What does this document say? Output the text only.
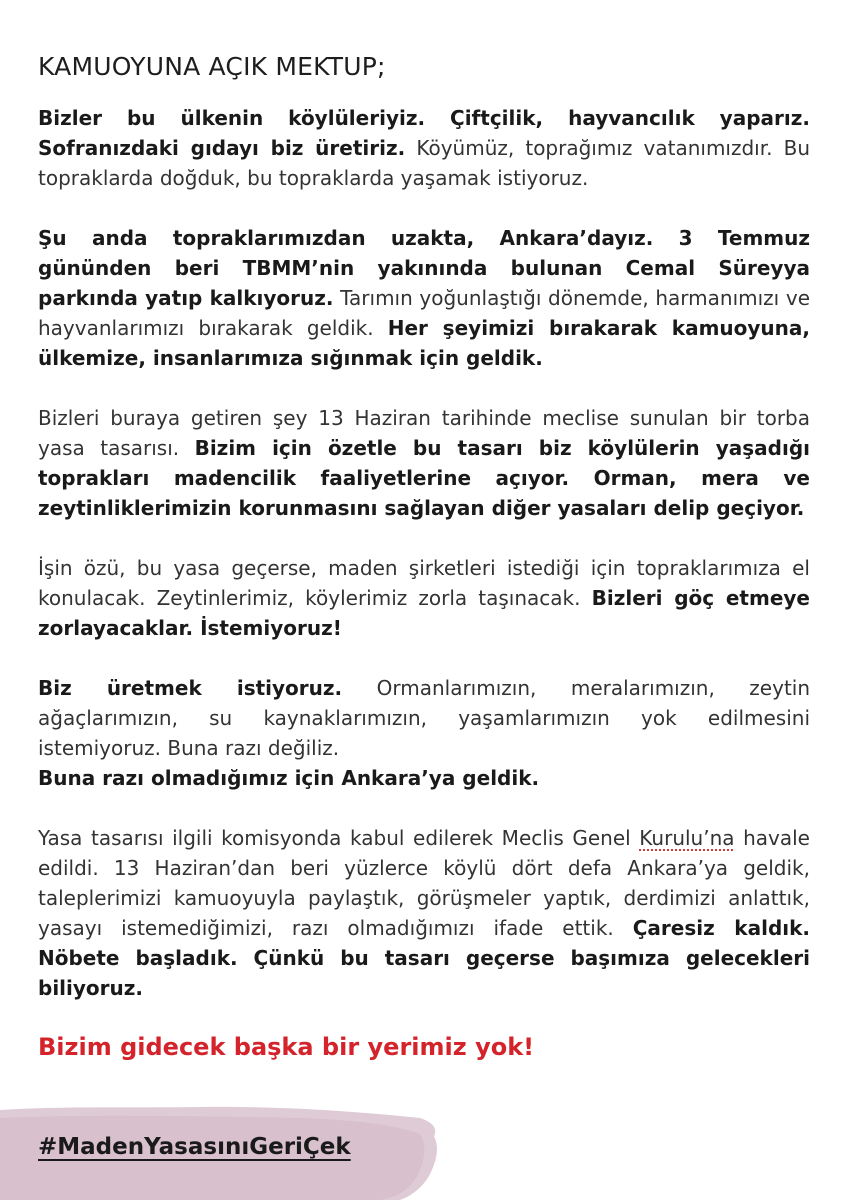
KAMUOYUNA AÇIK MEKTUP;

Bizler bu ülkenin köylüleriyiz. Çiftçilik, hayvancılık yaparız. Sofranızdaki gıdayı biz üretiriz. Köyümüz, toprağımız vatanımızdır. Bu topraklarda doğduk, bu topraklarda yaşamak istiyoruz.

Şu anda topraklarımızdan uzakta, Ankara’dayız. 3 Temmuz gününden beri TBMM’nin yakınında bulunan Cemal Süreyya parkında yatıp kalkıyoruz. Tarımın yoğunlaştığı dönemde, harmanımızı ve hayvanlarımızı bırakarak geldik. Her şeyimizi bırakarak kamuoyuna, ülkemize, insanlarımıza sığınmak için geldik.

Bizleri buraya getiren şey 13 Haziran tarihinde meclise sunulan bir torba yasa tasarısı. Bizim için özetle bu tasarı biz köylülerin yaşadığı toprakları madencilik faaliyetlerine açıyor. Orman, mera ve zeytinliklerimizin korunmasını sağlayan diğer yasaları delip geçiyor.

İşin özü, bu yasa geçerse, maden şirketleri istediği için topraklarımıza el konulacak. Zeytinlerimiz, köylerimiz zorla taşınacak. Bizleri göç etmeye zorlayacaklar. İstemiyoruz!

Biz üretmek istiyoruz. Ormanlarımızın, meralarımızın, zeytin ağaçlarımızın, su kaynaklarımızın, yaşamlarımızın yok edilmesini istemiyoruz. Buna razı değiliz.

Buna razı olmadığımız için Ankara’ya geldik.

Yasa tasarısı ilgili komisyonda kabul edilerek Meclis Genel Kurulu’na havale edildi. 13 Haziran’dan beri yüzlerce köylü dört defa Ankara’ya geldik, taleplerimizi kamuoyuyla paylaştık, görüşmeler yaptık, derdimizi anlattık, yasayı istemediğimizi, razı olmadığımızı ifade ettik. Çaresiz kaldık. Nöbete başladık. Çünkü bu tasarı geçerse başımıza gelecekleri biliyoruz.

Bizim gidecek başka bir yerimiz yok!

#MadenYasasınıGeriÇek
